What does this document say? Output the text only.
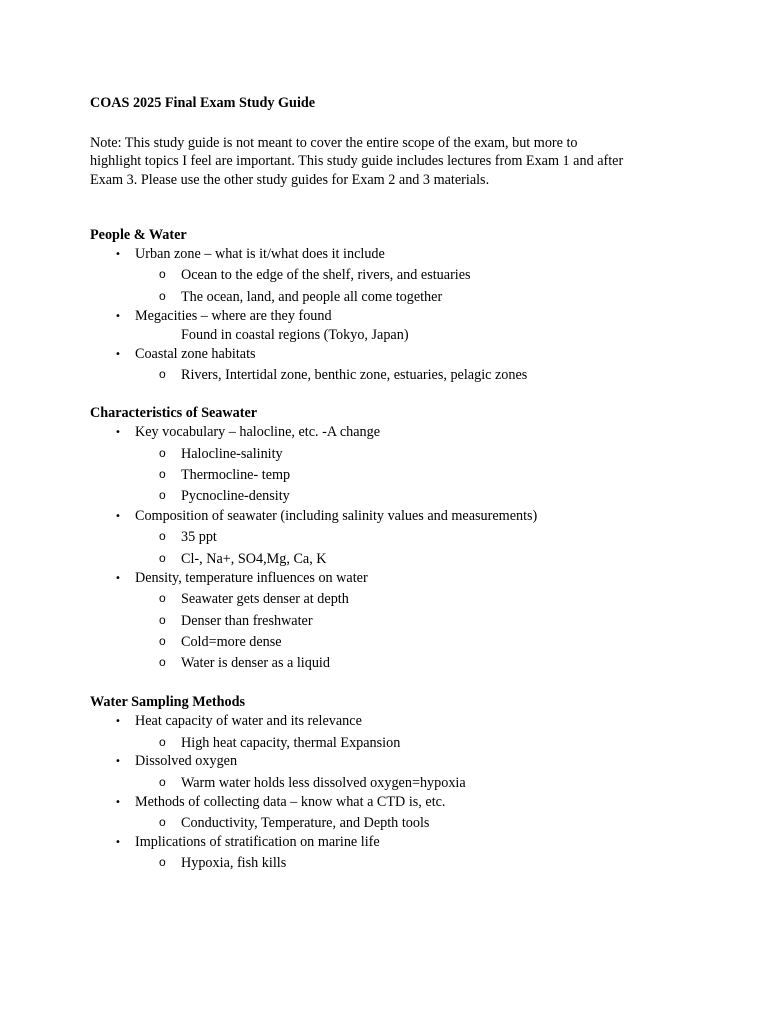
COAS 2025 Final Exam Study Guide
Note: This study guide is not meant to cover the entire scope of the exam, but more to
highlight topics I feel are important. This study guide includes lectures from Exam 1 and after
Exam 3. Please use the other study guides for Exam 2 and 3 materials.
People & Water
• Urban zone – what is it/what does it include
o Ocean to the edge of the shelf, rivers, and estuaries
o The ocean, land, and people all come together
• Megacities – where are they found
Found in coastal regions (Tokyo, Japan)
• Coastal zone habitats
o Rivers, Intertidal zone, benthic zone, estuaries, pelagic zones
Characteristics of Seawater
• Key vocabulary – halocline, etc. -A change
o Halocline-salinity
o Thermocline- temp
o Pycnocline-density
• Composition of seawater (including salinity values and measurements)
o 35 ppt
o Cl-, Na+, SO4,Mg, Ca, K
• Density, temperature influences on water
o Seawater gets denser at depth
o Denser than freshwater
o Cold=more dense
o Water is denser as a liquid
Water Sampling Methods
• Heat capacity of water and its relevance
o High heat capacity, thermal Expansion
• Dissolved oxygen
o Warm water holds less dissolved oxygen=hypoxia
• Methods of collecting data – know what a CTD is, etc.
o Conductivity, Temperature, and Depth tools
• Implications of stratification on marine life
o Hypoxia, fish kills
